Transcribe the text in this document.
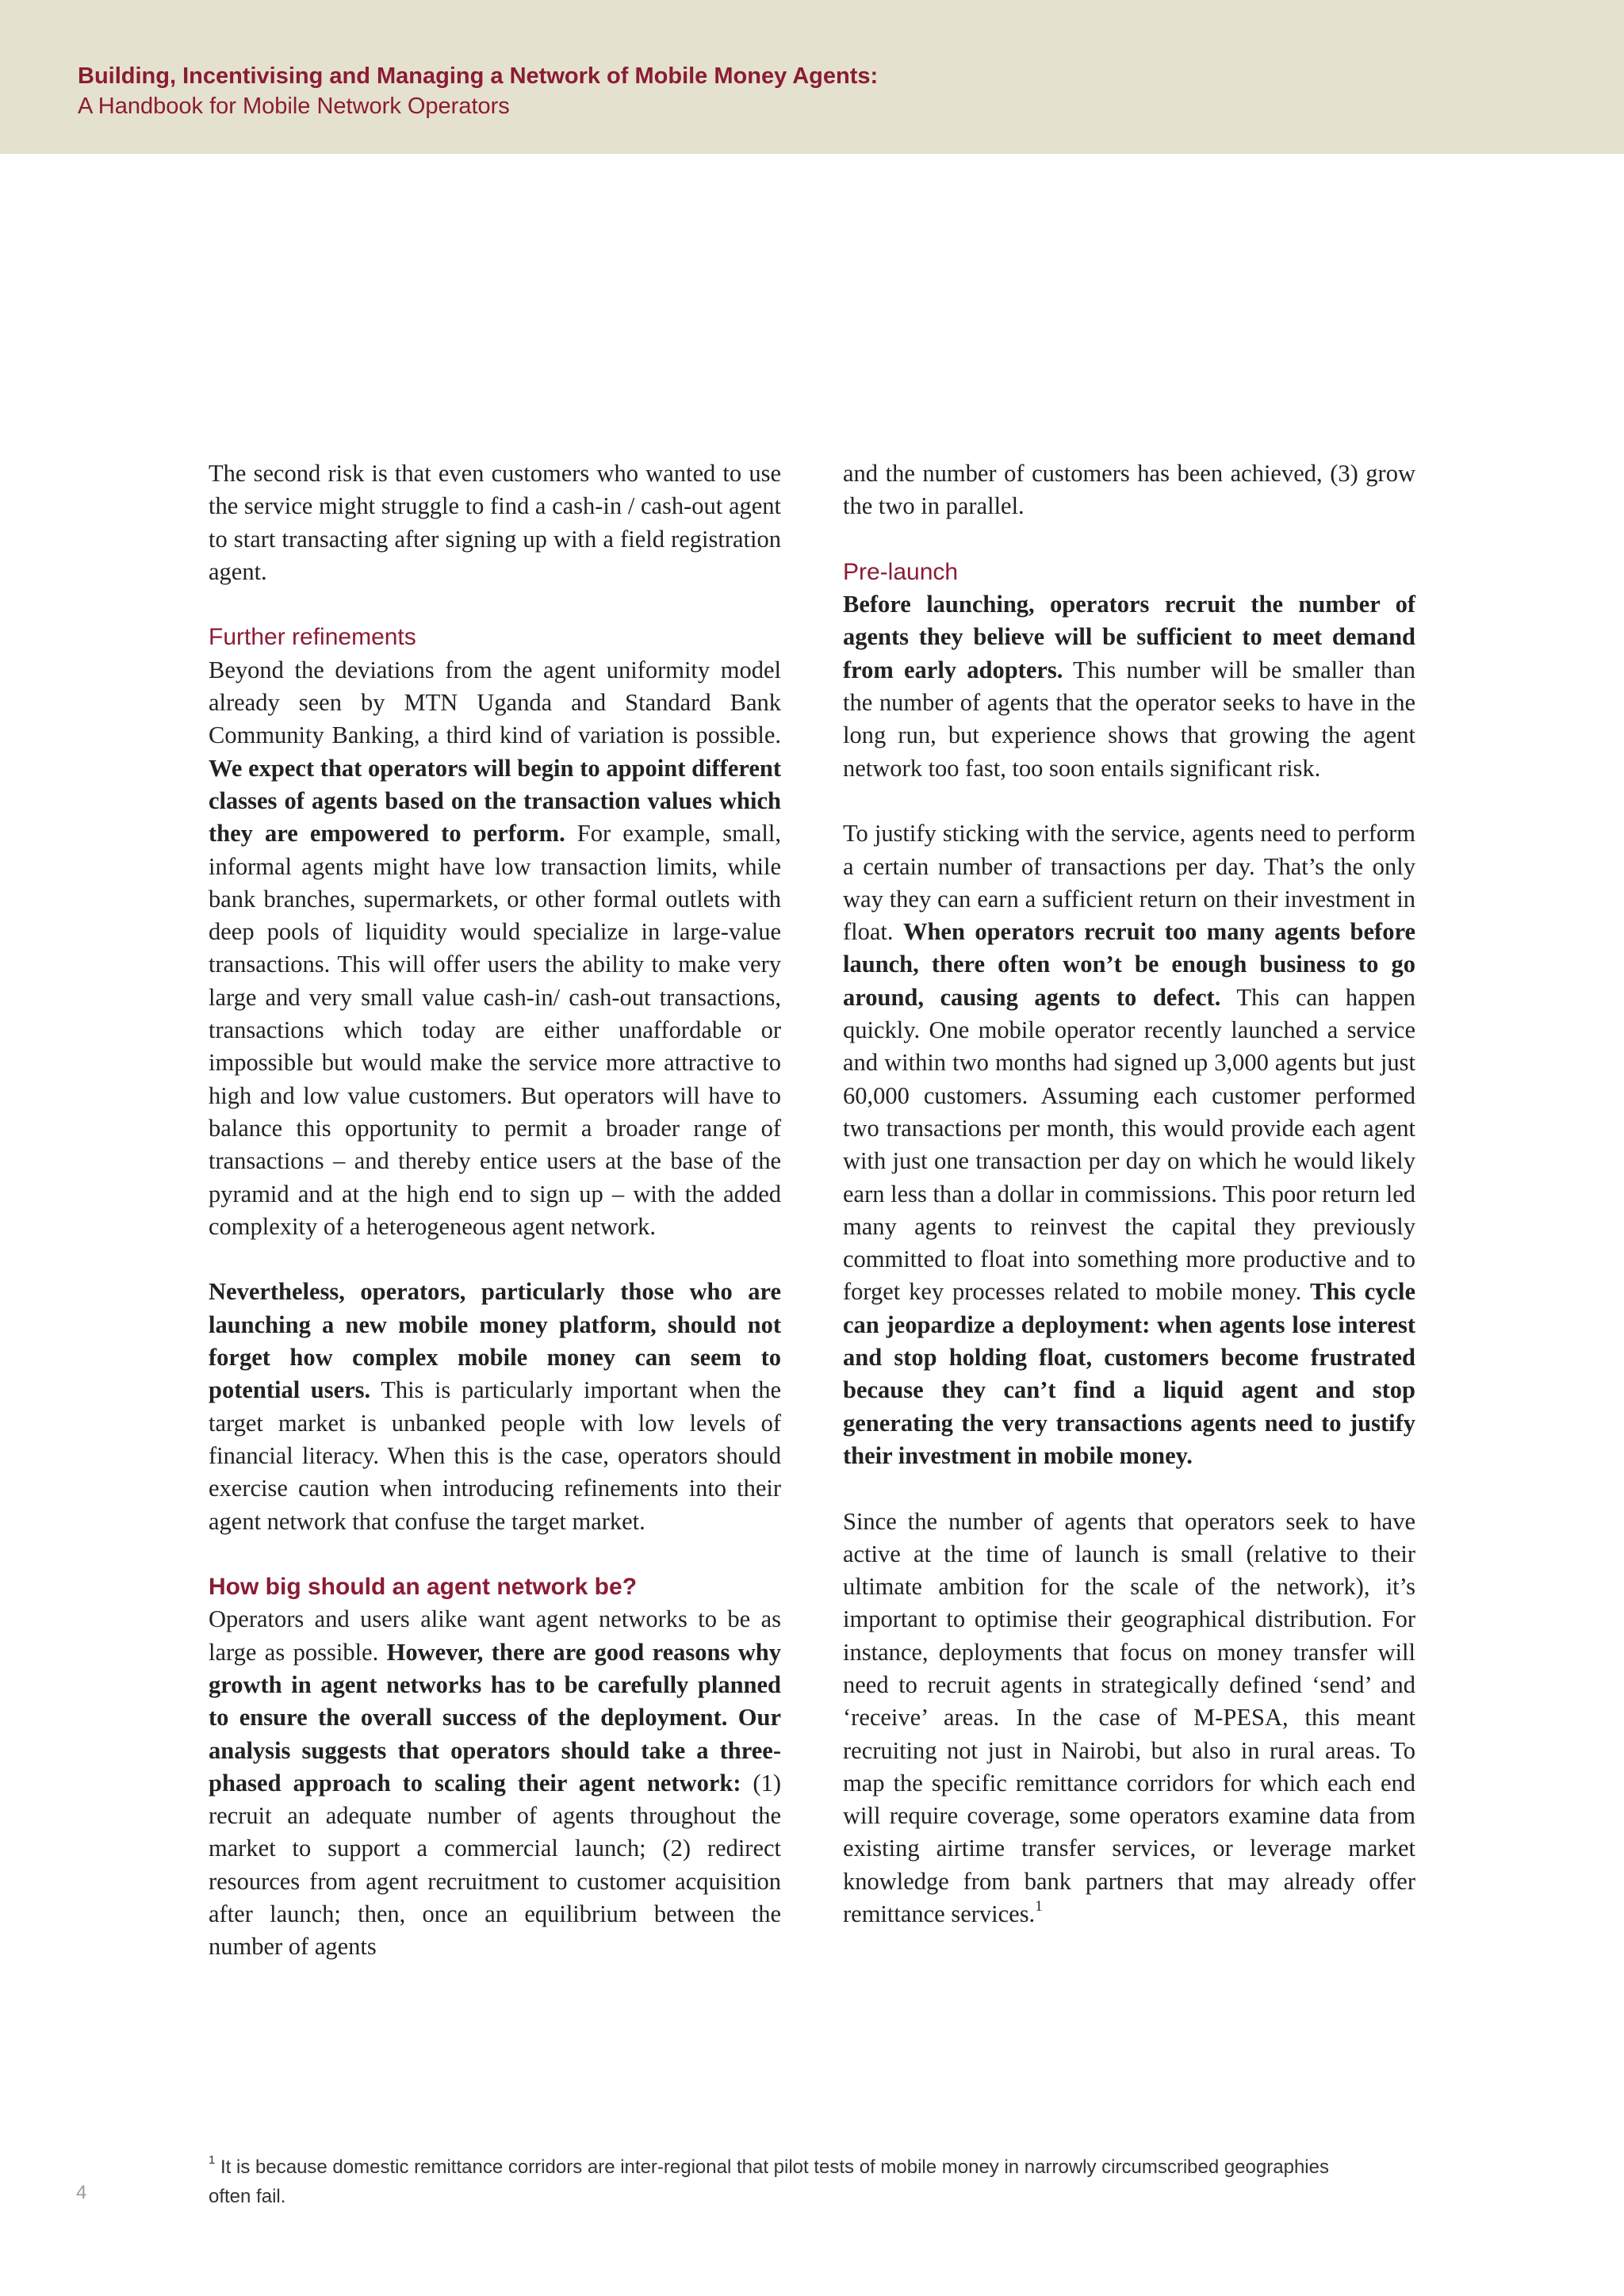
Building, Incentivising and Managing a Network of Mobile Money Agents:
A Handbook for Mobile Network Operators

The second risk is that even customers who wanted to use the service might struggle to find a cash-in / cash-out agent to start transacting after signing up with a field registration agent.

Further refinements

Beyond the deviations from the agent uniformity model already seen by MTN Uganda and Standard Bank Community Banking, a third kind of variation is possible. We expect that operators will begin to appoint different classes of agents based on the transaction values which they are empowered to perform. For example, small, informal agents might have low transaction limits, while bank branches, supermarkets, or other formal outlets with deep pools of liquidity would specialize in large-value transactions. This will offer users the ability to make very large and very small value cash-in/ cash-out transactions, transactions which today are either unaffordable or impossible but would make the service more attractive to high and low value customers. But operators will have to balance this opportunity to permit a broader range of transactions – and thereby entice users at the base of the pyramid and at the high end to sign up – with the added complexity of a heterogeneous agent network.

Nevertheless, operators, particularly those who are launching a new mobile money platform, should not forget how complex mobile money can seem to potential users. This is particularly important when the target market is unbanked people with low levels of financial literacy. When this is the case, operators should exercise caution when introducing refinements into their agent network that confuse the target market.

How big should an agent network be?

Operators and users alike want agent networks to be as large as possible. However, there are good reasons why growth in agent networks has to be carefully planned to ensure the overall success of the deployment. Our analysis suggests that operators should take a three-phased approach to scaling their agent network: (1) recruit an adequate number of agents throughout the market to support a commercial launch; (2) redirect resources from agent recruitment to customer acquisition after launch; then, once an equilibrium between the number of agents

and the number of customers has been achieved, (3) grow the two in parallel.

Pre-launch

Before launching, operators recruit the number of agents they believe will be sufficient to meet demand from early adopters. This number will be smaller than the number of agents that the operator seeks to have in the long run, but experience shows that growing the agent network too fast, too soon entails significant risk.

To justify sticking with the service, agents need to perform a certain number of transactions per day. That’s the only way they can earn a sufficient return on their investment in float. When operators recruit too many agents before launch, there often won’t be enough business to go around, causing agents to defect. This can happen quickly. One mobile operator recently launched a service and within two months had signed up 3,000 agents but just 60,000 customers. Assuming each customer performed two transactions per month, this would provide each agent with just one transaction per day on which he would likely earn less than a dollar in commissions. This poor return led many agents to reinvest the capital they previously committed to float into something more productive and to forget key processes related to mobile money. This cycle can jeopardize a deployment: when agents lose interest and stop holding float, customers become frustrated because they can’t find a liquid agent and stop generating the very transactions agents need to justify their investment in mobile money.

Since the number of agents that operators seek to have active at the time of launch is small (relative to their ultimate ambition for the scale of the network), it’s important to optimise their geographical distribution. For instance, deployments that focus on money transfer will need to recruit agents in strategically defined ‘send’ and ‘receive’ areas. In the case of M-PESA, this meant recruiting not just in Nairobi, but also in rural areas. To map the specific remittance corridors for which each end will require coverage, some operators examine data from existing airtime transfer services, or leverage market knowledge from bank partners that may already offer remittance services.$^1$

$^1$ It is because domestic remittance corridors are inter-regional that pilot tests of mobile money in narrowly circumscribed geographies often fail.
4
